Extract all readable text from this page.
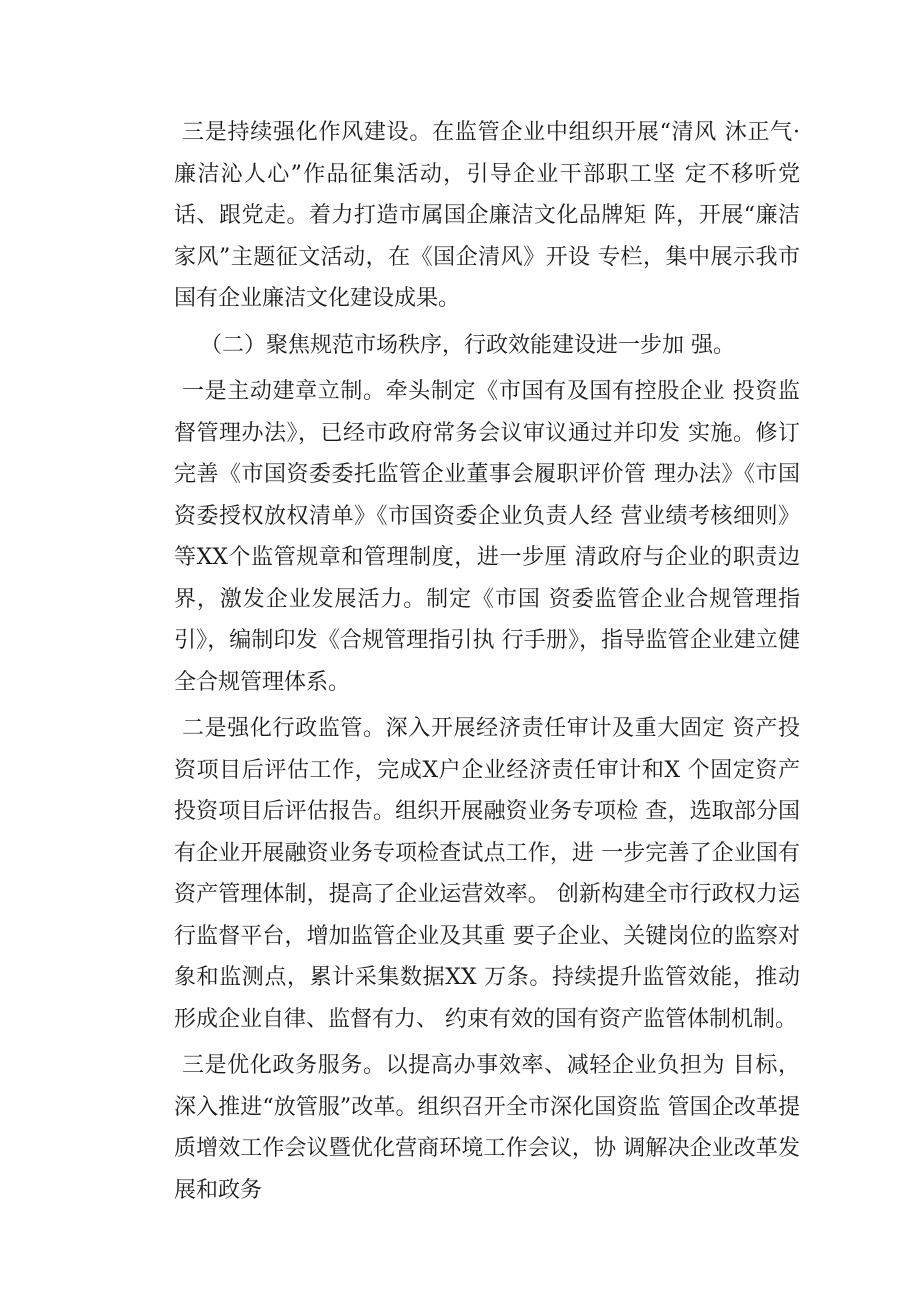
三是持续强化作风建设。在监管企业中组织开展“清风 沐正气·廉洁沁人心”作品征集活动，引导企业干部职工坚 定不移听党话、跟党走。着力打造市属国企廉洁文化品牌矩 阵，开展“廉洁家风”主题征文活动，在《国企清风》开设 专栏，集中展示我市国有企业廉洁文化建设成果。

（二）聚焦规范市场秩序，行政效能建设进一步加 强。

一是主动建章立制。牵头制定《市国有及国有控股企业 投资监督管理办法》，已经市政府常务会议审议通过并印发 实施。修订完善《市国资委委托监管企业董事会履职评价管 理办法》《市国资委授权放权清单》《市国资委企业负责人经 营业绩考核细则》等XX个监管规章和管理制度，进一步厘 清政府与企业的职责边界，激发企业发展活力。制定《市国 资委监管企业合规管理指引》，编制印发《合规管理指引执 行手册》，指导监管企业建立健全合规管理体系。

二是强化行政监管。深入开展经济责任审计及重大固定 资产投资项目后评估工作，完成X户企业经济责任审计和X 个固定资产投资项目后评估报告。组织开展融资业务专项检 查，选取部分国有企业开展融资业务专项检查试点工作，进 一步完善了企业国有资产管理体制，提高了企业运营效率。 创新构建全市行政权力运行监督平台，增加监管企业及其重 要子企业、关键岗位的监察对象和监测点，累计采集数据XX 万条。持续提升监管效能，推动形成企业自律、监督有力、 约束有效的国有资产监管体制机制。

三是优化政务服务。以提高办事效率、减轻企业负担为 目标，深入推进“放管服”改革。组织召开全市深化国资监 管国企改革提质增效工作会议暨优化营商环境工作会议，协 调解决企业改革发展和政务
